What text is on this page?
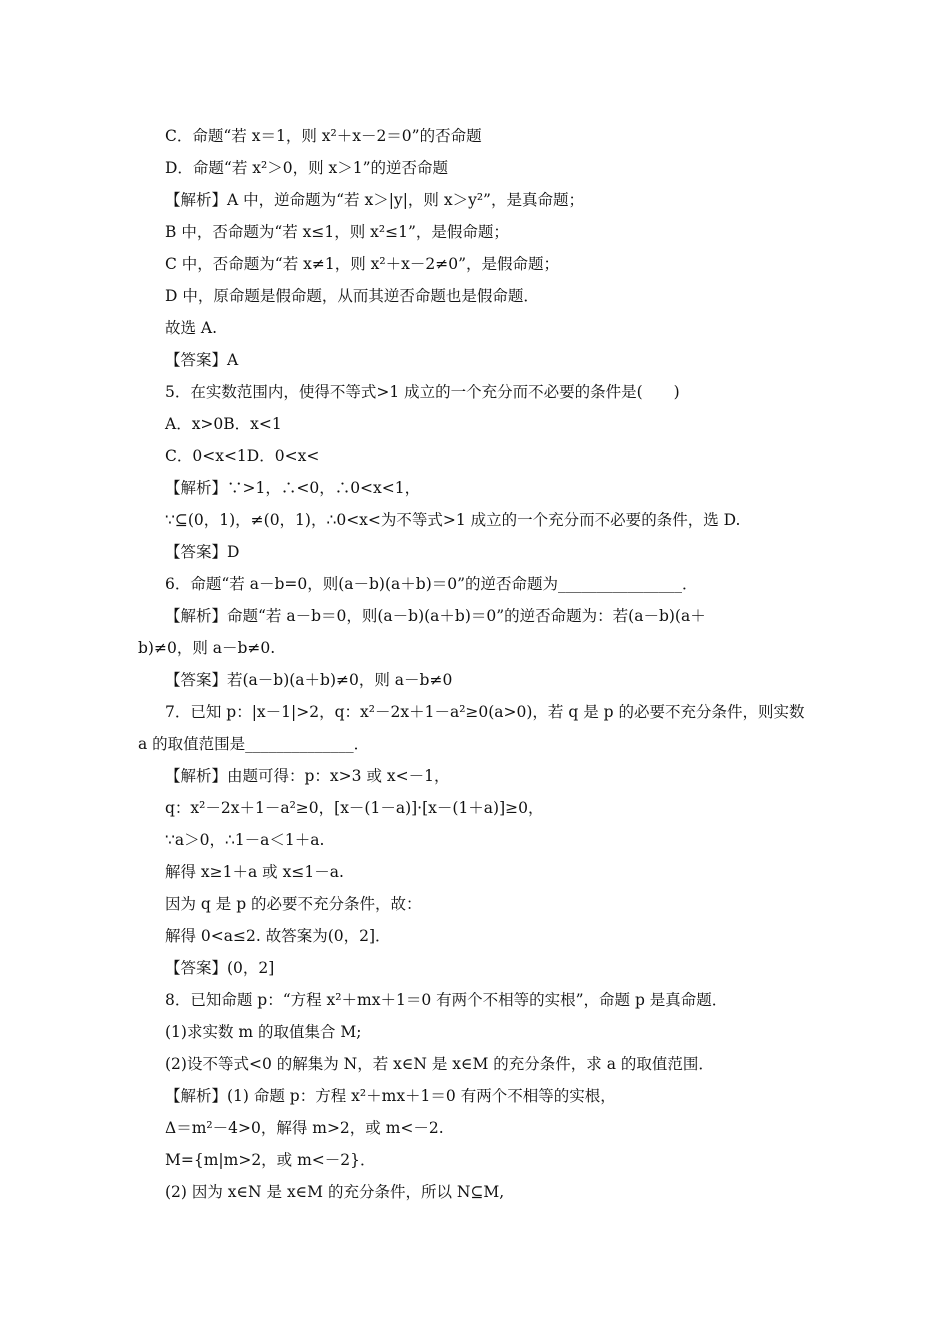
C．命题“若 x＝1，则 x²＋x－2＝0”的否命题
D．命题“若 x²＞0，则 x＞1”的逆否命题
【解析】A 中，逆命题为“若 x＞|y|，则 x＞y²”，是真命题；
B 中，否命题为“若 x≤1，则 x²≤1”，是假命题；
C 中，否命题为“若 x≠1，则 x²＋x－2≠0”，是假命题；
D 中，原命题是假命题，从而其逆否命题也是假命题．
故选 A.
【答案】A
5．在实数范围内，使得不等式>1 成立的一个充分而不必要的条件是(　　)
A．x>0B．x<1
C．0<x<1D．0<x<
【解析】∵>1，∴<0，∴0<x<1，
∵⊆(0，1)，≠(0，1)，∴0<x<为不等式>1 成立的一个充分而不必要的条件，选 D.
【答案】D
6．命题“若 a－b=0，则(a－b)(a＋b)＝0”的逆否命题为________________．
【解析】命题“若 a－b＝0，则(a－b)(a＋b)＝0”的逆否命题为：若(a－b)(a＋
b)≠0，则 a－b≠0.
【答案】若(a－b)(a＋b)≠0，则 a－b≠0
7．已知 p：|x－1|>2，q：x²－2x＋1－a²≥0(a>0)，若 q 是 p 的必要不充分条件，则实数
a 的取值范围是______________．
【解析】由题可得：p：x>3 或 x<－1，
q：x²－2x＋1－a²≥0，[x－(1－a)]·[x－(1＋a)]≥0，
∵a＞0，∴1－a＜1＋a.
解得 x≥1＋a 或 x≤1－a.
因为 q 是 p 的必要不充分条件，故：
解得 0<a≤2. 故答案为(0，2]．
【答案】(0，2]
8．已知命题 p：“方程 x²＋mx＋1＝0 有两个不相等的实根”，命题 p 是真命题．
(1)求实数 m 的取值集合 M;
(2)设不等式<0 的解集为 N，若 x∈N 是 x∈M 的充分条件，求 a 的取值范围．
【解析】(1) 命题 p：方程 x²＋mx＋1＝0 有两个不相等的实根，
Δ＝m²－4>0，解得 m>2，或 m<－2.
M={m|m>2，或 m<－2}．
(2) 因为 x∈N 是 x∈M 的充分条件，所以 N⊆M,
